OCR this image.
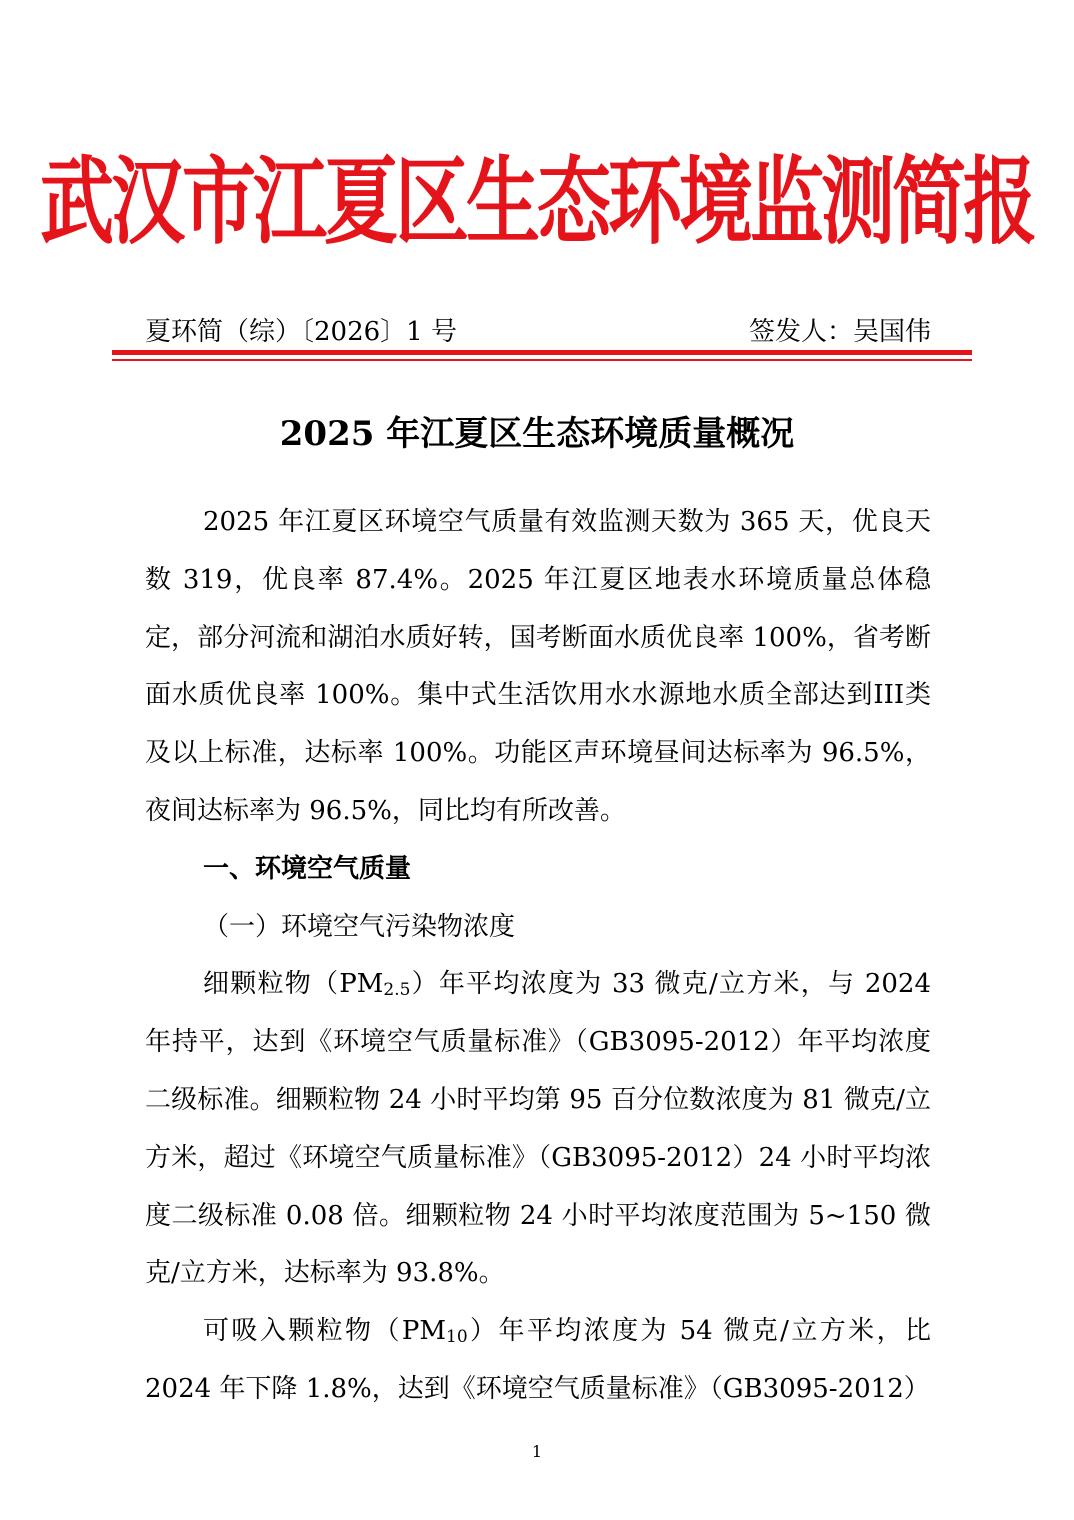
武汉市江夏区生态环境监测简报
夏环简（综）〔2026〕1 号	签发人：吴国伟
2025 年江夏区生态环境质量概况

2025 年江夏区环境空气质量有效监测天数为 365 天，优良天数 319，优良率 87.4%。2025 年江夏区地表水环境质量总体稳定，部分河流和湖泊水质好转，国考断面水质优良率 100%，省考断面水质优良率 100%。集中式生活饮用水水源地水质全部达到III类及以上标准，达标率 100%。功能区声环境昼间达标率为 96.5%，夜间达标率为 96.5%，同比均有所改善。

一、环境空气质量

（一）环境空气污染物浓度

细颗粒物$(PM_{2.5})$年平均浓度为 33 微克/立方米，与 2024 年持平，达到《环境空气质量标准》（GB3095-2012）年平均浓度二级标准。细颗粒物 24 小时平均第 95 百分位数浓度为 81 微克/立方米，超过《环境空气质量标准》（GB3095-2012）24 小时平均浓度二级标准 0.08 倍。细颗粒物 24 小时平均浓度范围为 5~150 微克/立方米，达标率为 93.8%。

可吸入颗粒物$(PM_{10})$年平均浓度为 54 微克/立方米，比 2024 年下降 1.8%，达到《环境空气质量标准》（GB3095-2012）

1
